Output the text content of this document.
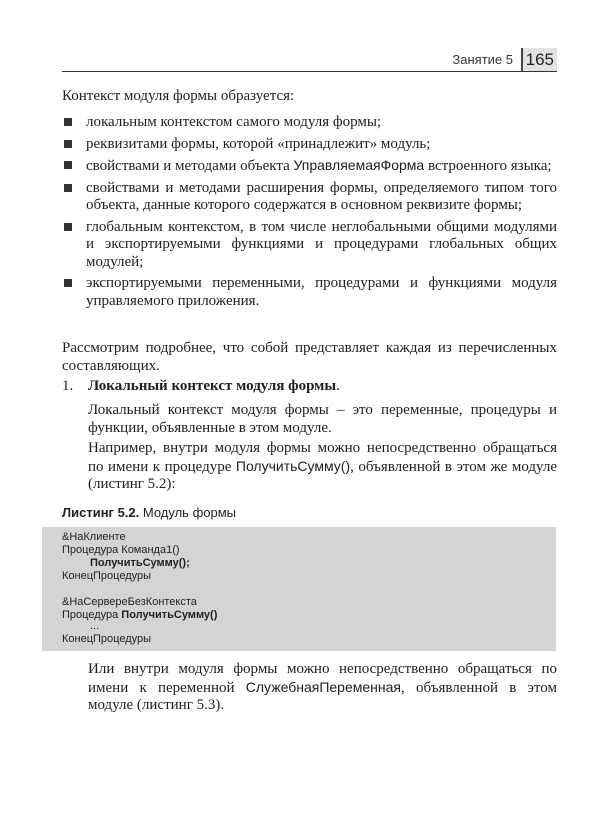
Занятие 5 165
Контекст модуля формы образуется:
локальным контекстом самого модуля формы;
реквизитами формы, которой «принадлежит» модуль;
свойствами и методами объекта УправляемаяФорма встроенного языка;
свойствами и методами расширения формы, определяемого типом того объекта, данные которого содержатся в основном реквизите формы;
глобальным контекстом, в том числе неглобальными общими модулями и экспортируемыми функциями и процедурами глобальных общих модулей;
экспортируемыми переменными, процедурами и функциями модуля управляемого приложения.
Рассмотрим подробнее, что собой представляет каждая из перечисленных составляющих.
1. Локальный контекст модуля формы.
Локальный контекст модуля формы – это переменные, процедуры и функции, объявленные в этом модуле.
Например, внутри модуля формы можно непосредственно обращаться по имени к процедуре ПолучитьСумму(), объявленной в этом же модуле (листинг 5.2):
Листинг 5.2. Модуль формы
&НаКлиенте
Процедура Команда1()
ПолучитьСумму();
КонецПроцедуры
&НаСервереБезКонтекста
Процедура ПолучитьСумму()
...
КонецПроцедуры
Или внутри модуля формы можно непосредственно обращаться по имени к переменной СлужебнаяПеременная, объявленной в этом модуле (листинг 5.3).
